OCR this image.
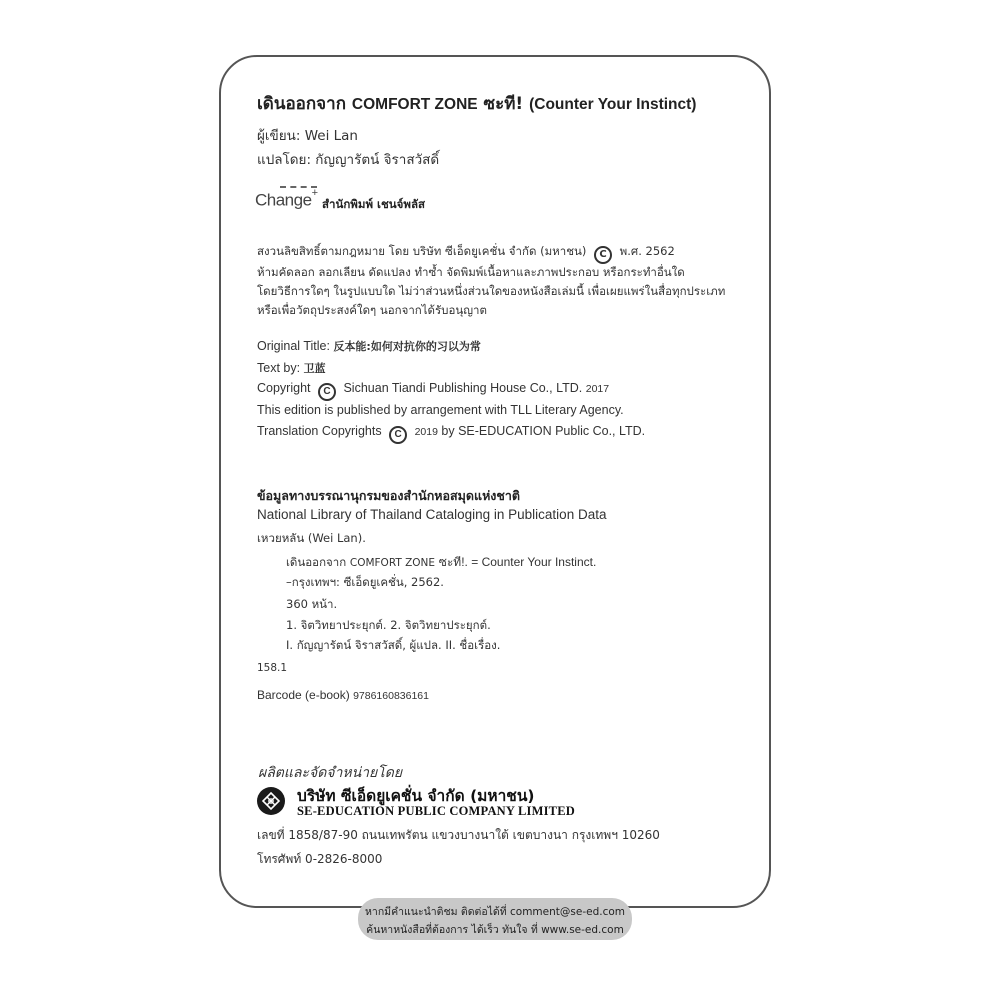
เดินออกจาก COMFORT ZONE ซะที! (Counter Your Instinct)
ผู้เขียน: Wei Lan
แปลโดย: กัญญารัตน์ จิราสวัสดิ์
Change+
สำนักพิมพ์ เชนจ์พลัส
สงวนลิขสิทธิ์ตามกฎหมาย โดย บริษัท ซีเอ็ดยูเคชั่น จำกัด (มหาชน) C พ.ศ. 2562
ห้ามคัดลอก ลอกเลียน ดัดแปลง ทำซ้ำ จัดพิมพ์เนื้อหาและภาพประกอบ หรือกระทำอื่นใด
โดยวิธีการใดๆ ในรูปแบบใด ไม่ว่าส่วนหนึ่งส่วนใดของหนังสือเล่มนี้ เพื่อเผยแพร่ในสื่อทุกประเภท
หรือเพื่อวัตถุประสงค์ใดๆ นอกจากได้รับอนุญาต
Original Title: 反本能:如何对抗你的习以为常
Text by: 卫蓝
Copyright C Sichuan Tiandi Publishing House Co., LTD. 2017
This edition is published by arrangement with TLL Literary Agency.
Translation Copyrights C 2019 by SE-EDUCATION Public Co., LTD.
ข้อมูลทางบรรณานุกรมของสำนักหอสมุดแห่งชาติ
National Library of Thailand Cataloging in Publication Data
เหวยหลัน (Wei Lan).
เดินออกจาก COMFORT ZONE ซะที!. = Counter Your Instinct.
–กรุงเทพฯ: ซีเอ็ดยูเคชั่น, 2562.
360 หน้า.
1. จิตวิทยาประยุกต์. 2. จิตวิทยาประยุกต์.
I. กัญญารัตน์ จิราสวัสดิ์, ผู้แปล. II. ชื่อเรื่อง.
158.1
Barcode (e-book) 9786160836161
ผลิตและจัดจำหน่ายโดย
บริษัท ซีเอ็ดยูเคชั่น จำกัด (มหาชน)
SE-EDUCATION PUBLIC COMPANY LIMITED
เลขที่ 1858/87-90 ถนนเทพรัตน แขวงบางนาใต้ เขตบางนา กรุงเทพฯ 10260
โทรศัพท์ 0-2826-8000
หากมีคำแนะนำติชม ติดต่อได้ที่ comment@se-ed.com
ค้นหาหนังสือที่ต้องการ ได้เร็ว ทันใจ ที่ www.se-ed.com
